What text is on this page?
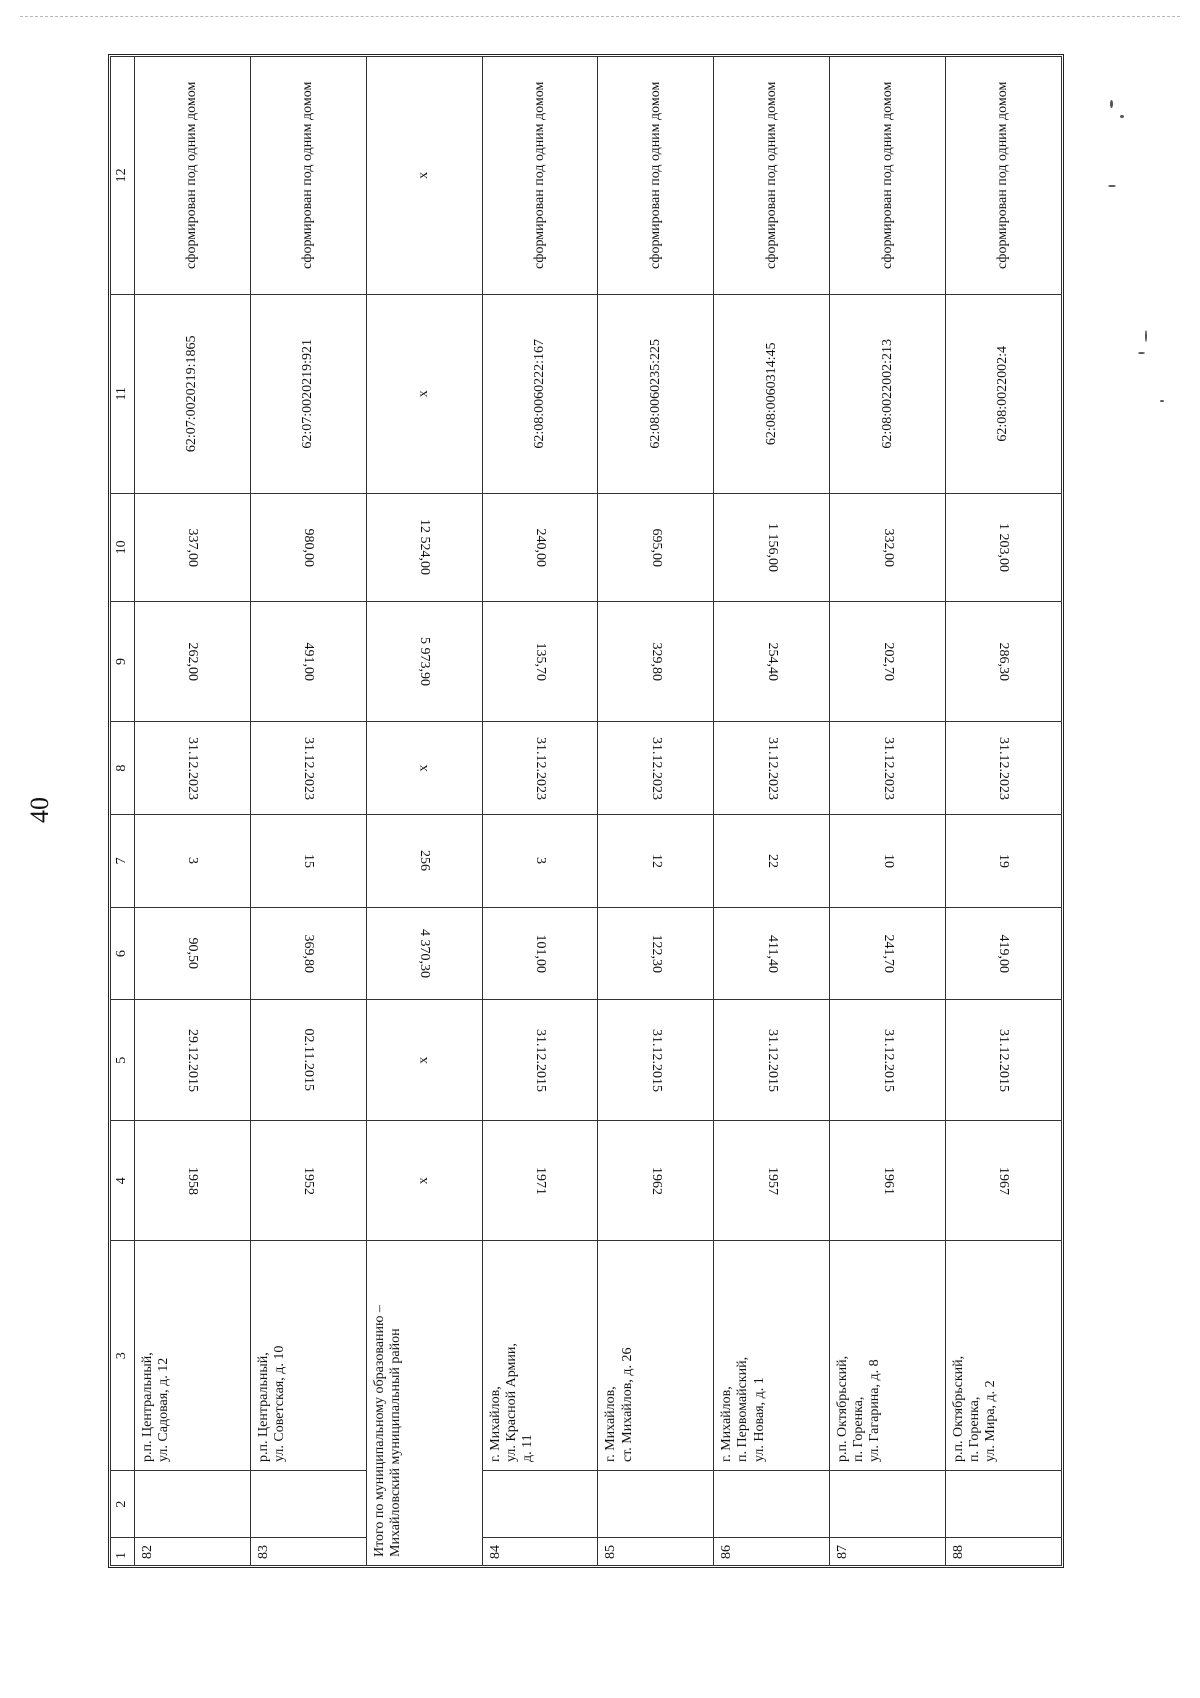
40
1	2	3	4	5	6	7	8	9	10	11	12
82		р.п. Центральный, ул. Садовая, д. 12	1958	29.12.2015	90,50	3	31.12.2023	262,00	337,00	62:07:0020219:1865	сформирован под одним домом
83		р.п. Центральный, ул. Советская, д. 10	1952	02.11.2015	369,80	15	31.12.2023	491,00	980,00	62:07:0020219:921	сформирован под одним домом

Итого по муниципальному образованию – Михайловский муниципальный район			х	х	4 370,30	256	х	5 973,90	12 524,00	х	х
84		г. Михайлов, ул. Красной Армии, д. 11	1971	31.12.2015	101,00	3	31.12.2023	135,70	240,00	62:08:0060222:167	сформирован под одним домом
85		г. Михайлов, ст. Михайлов, д. 26	1962	31.12.2015	122,30	12	31.12.2023	329,80	695,00	62:08:0060235:225	сформирован под одним домом
86		г. Михайлов, п. Первомайский, ул. Новая, д. 1	1957	31.12.2015	411,40	22	31.12.2023	254,40	1 156,00	62:08:0060314:45	сформирован под одним домом
87		р.п. Октябрьский, п. Горенка, ул. Гагарина, д. 8	1961	31.12.2015	241,70	10	31.12.2023	202,70	332,00	62:08:0022002:213	сформирован под одним домом
88		р.п. Октябрьский, п. Горенка, ул. Мира, д. 2	1967	31.12.2015	419,00	19	31.12.2023	286,30	1 203,00	62:08:0022002:4	сформирован под одним домом
